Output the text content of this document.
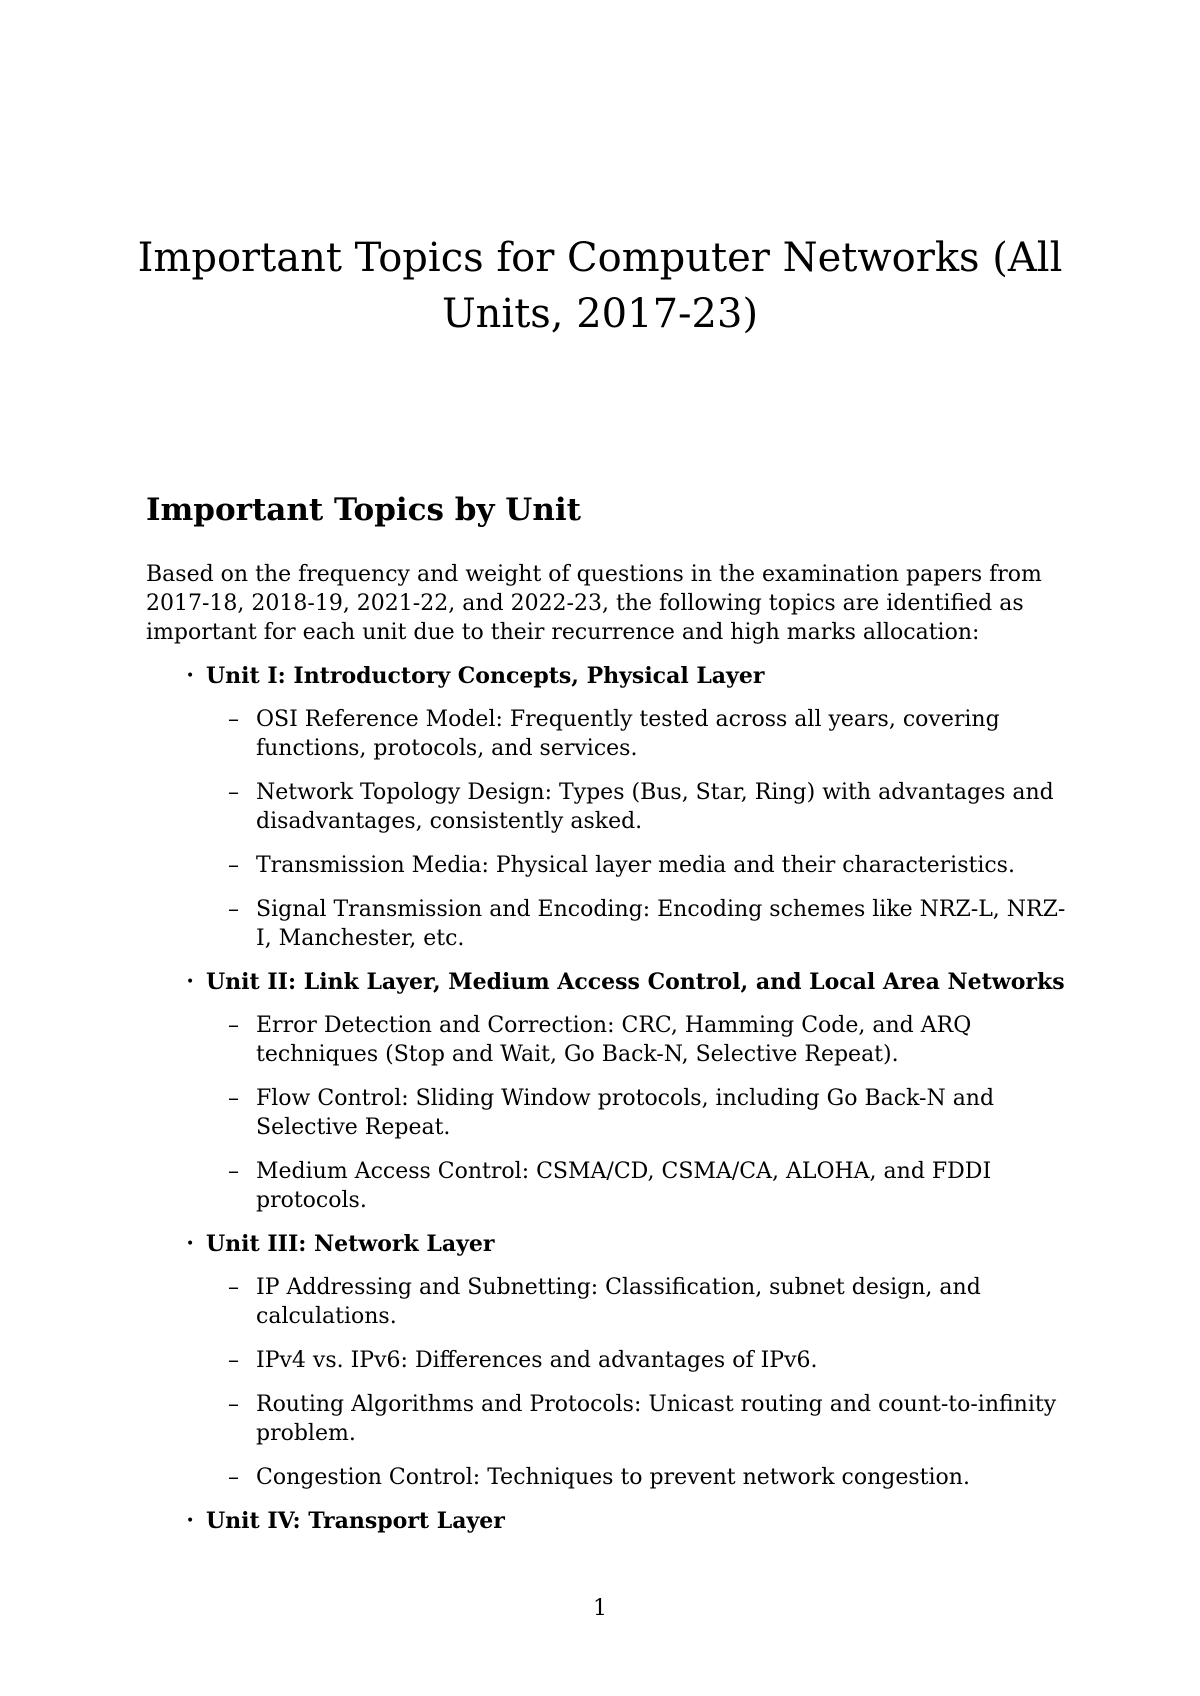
Important Topics for Computer Networks (All
Units, 2017-23)
Important Topics by Unit

Based on the frequency and weight of questions in the examination papers from 2017-18, 2018-19, 2021-22, and 2022-23, the following topics are identified as important for each unit due to their recurrence and high marks allocation:

• Unit I: Introductory Concepts, Physical Layer
– OSI Reference Model: Frequently tested across all years, covering functions, protocols, and services.
– Network Topology Design: Types (Bus, Star, Ring) with advantages and disadvantages, consistently asked.
– Transmission Media: Physical layer media and their characteristics.
– Signal Transmission and Encoding: Encoding schemes like NRZ-L, NRZ-I, Manchester, etc.
• Unit II: Link Layer, Medium Access Control, and Local Area Networks
– Error Detection and Correction: CRC, Hamming Code, and ARQ techniques (Stop and Wait, Go Back-N, Selective Repeat).
– Flow Control: Sliding Window protocols, including Go Back-N and Selective Repeat.
– Medium Access Control: CSMA/CD, CSMA/CA, ALOHA, and FDDI protocols.
• Unit III: Network Layer
– IP Addressing and Subnetting: Classification, subnet design, and calculations.
– IPv4 vs. IPv6: Differences and advantages of IPv6.
– Routing Algorithms and Protocols: Unicast routing and count-to-infinity problem.
– Congestion Control: Techniques to prevent network congestion.
• Unit IV: Transport Layer
1
